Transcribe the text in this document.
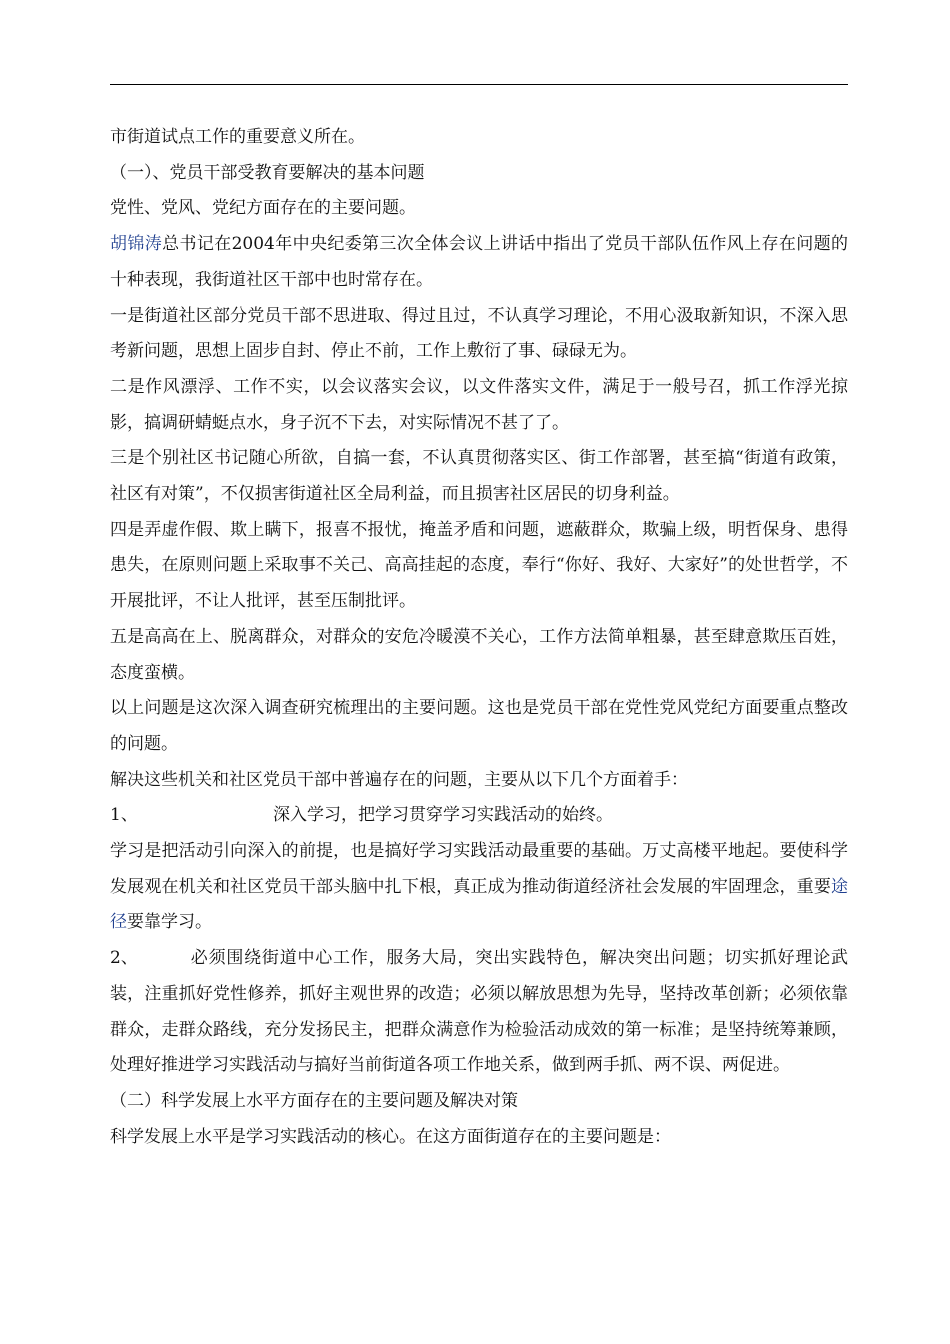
市街道试点工作的重要意义所在。

（一）、党员干部受教育要解决的基本问题

党性、党风、党纪方面存在的主要问题。

胡锦涛总书记在2004年中央纪委第三次全体会议上讲话中指出了党员干部队伍作风上存在问题的十种表现，我街道社区干部中也时常存在。

一是街道社区部分党员干部不思进取、得过且过，不认真学习理论，不用心汲取新知识，不深入思考新问题，思想上固步自封、停止不前，工作上敷衍了事、碌碌无为。

二是作风漂浮、工作不实，以会议落实会议，以文件落实文件，满足于一般号召，抓工作浮光掠影，搞调研蜻蜓点水，身子沉不下去，对实际情况不甚了了。

三是个别社区书记随心所欲，自搞一套，不认真贯彻落实区、街工作部署，甚至搞“街道有政策，社区有对策”，不仅损害街道社区全局利益，而且损害社区居民的切身利益。

四是弄虚作假、欺上瞒下，报喜不报忧，掩盖矛盾和问题，遮蔽群众，欺骗上级，明哲保身、患得患失，在原则问题上采取事不关己、高高挂起的态度，奉行“你好、我好、大家好”的处世哲学，不开展批评，不让人批评，甚至压制批评。

五是高高在上、脱离群众，对群众的安危冷暖漠不关心，工作方法简单粗暴，甚至肆意欺压百姓，态度蛮横。

以上问题是这次深入调查研究梳理出的主要问题。这也是党员干部在党性党风党纪方面要重点整改的问题。

解决这些机关和社区党员干部中普遍存在的问题，主要从以下几个方面着手：

1、	深入学习，把学习贯穿学习实践活动的始终。

学习是把活动引向深入的前提，也是搞好学习实践活动最重要的基础。万丈高楼平地起。要使科学发展观在机关和社区党员干部头脑中扎下根，真正成为推动街道经济社会发展的牢固理念，重要途径要靠学习。

2、	必须围绕街道中心工作，服务大局，突出实践特色，解决突出问题；切实抓好理论武装，注重抓好党性修养，抓好主观世界的改造；必须以解放思想为先导，坚持改革创新；必须依靠群众，走群众路线，充分发扬民主，把群众满意作为检验活动成效的第一标准；是坚持统筹兼顾，处理好推进学习实践活动与搞好当前街道各项工作地关系，做到两手抓、两不误、两促进。

（二）科学发展上水平方面存在的主要问题及解决对策

科学发展上水平是学习实践活动的核心。在这方面街道存在的主要问题是：
